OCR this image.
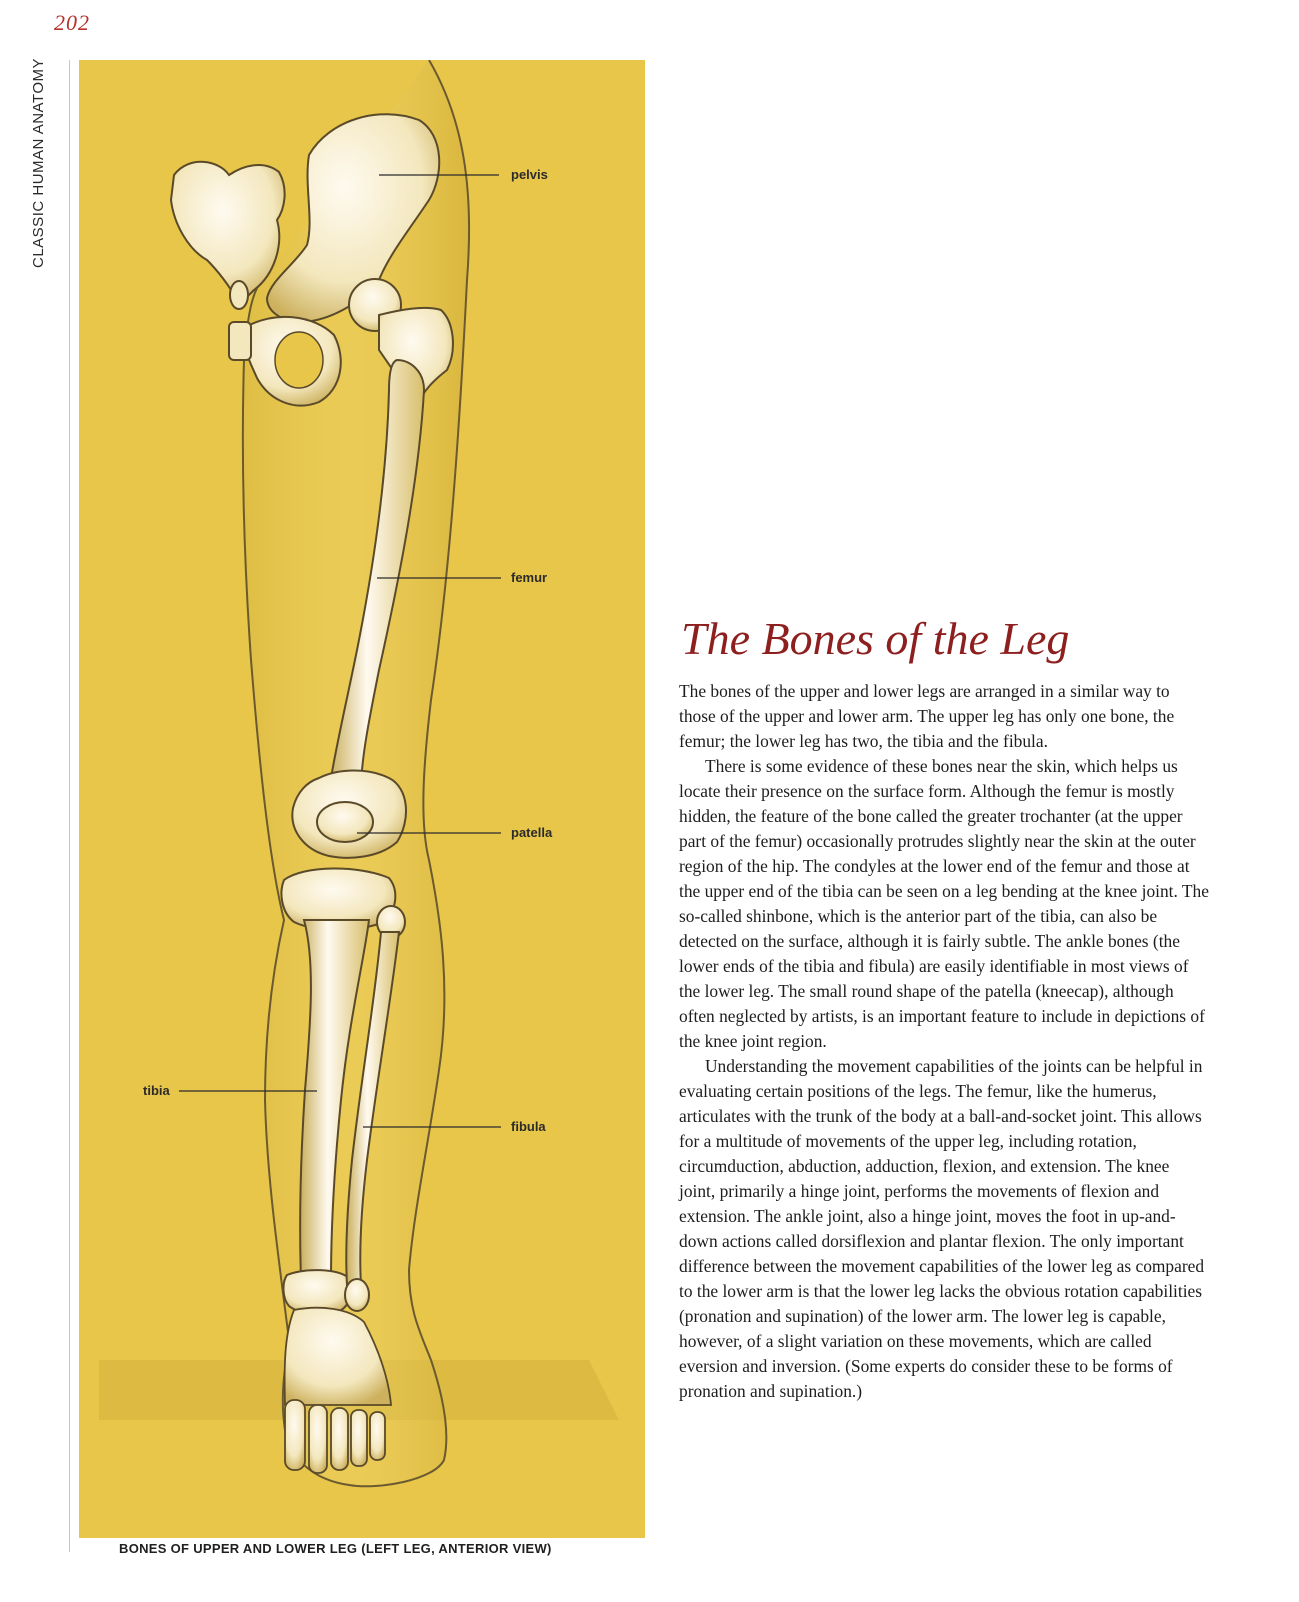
202
CLASSIC HUMAN ANATOMY	pelvis
femur
patella
tibia
fibula
BONES OF UPPER AND LOWER LEG (LEFT LEG, ANTERIOR VIEW)
The Bones of the Leg

The bones of the upper and lower legs are arranged in a similar way to those of the upper and lower arm. The upper leg has only one bone, the femur; the lower leg has two, the tibia and the fibula.

There is some evidence of these bones near the skin, which helps us locate their presence on the surface form. Although the femur is mostly hidden, the feature of the bone called the greater trochanter (at the upper part of the femur) occasionally protrudes slightly near the skin at the outer region of the hip. The condyles at the lower end of the femur and those at the upper end of the tibia can be seen on a leg bending at the knee joint. The so-called shinbone, which is the anterior part of the tibia, can also be detected on the surface, although it is fairly subtle. The ankle bones (the lower ends of the tibia and fibula) are easily identifiable in most views of the lower leg. The small round shape of the patella (kneecap), although often neglected by artists, is an important feature to include in depictions of the knee joint region.

Understanding the movement capabilities of the joints can be helpful in evaluating certain positions of the legs. The femur, like the humerus, articulates with the trunk of the body at a ball-and-socket joint. This allows for a multitude of movements of the upper leg, including rotation, circumduction, abduction, adduction, flexion, and extension. The knee joint, primarily a hinge joint, performs the movements of flexion and extension. The ankle joint, also a hinge joint, moves the foot in up-and-down actions called dorsiflexion and plantar flexion. The only important difference between the movement capabilities of the lower leg as compared to the lower arm is that the lower leg lacks the obvious rotation capabilities (pronation and supination) of the lower arm. The lower leg is capable, however, of a slight variation on these movements, which are called eversion and inversion. (Some experts do consider these to be forms of pronation and supination.)
